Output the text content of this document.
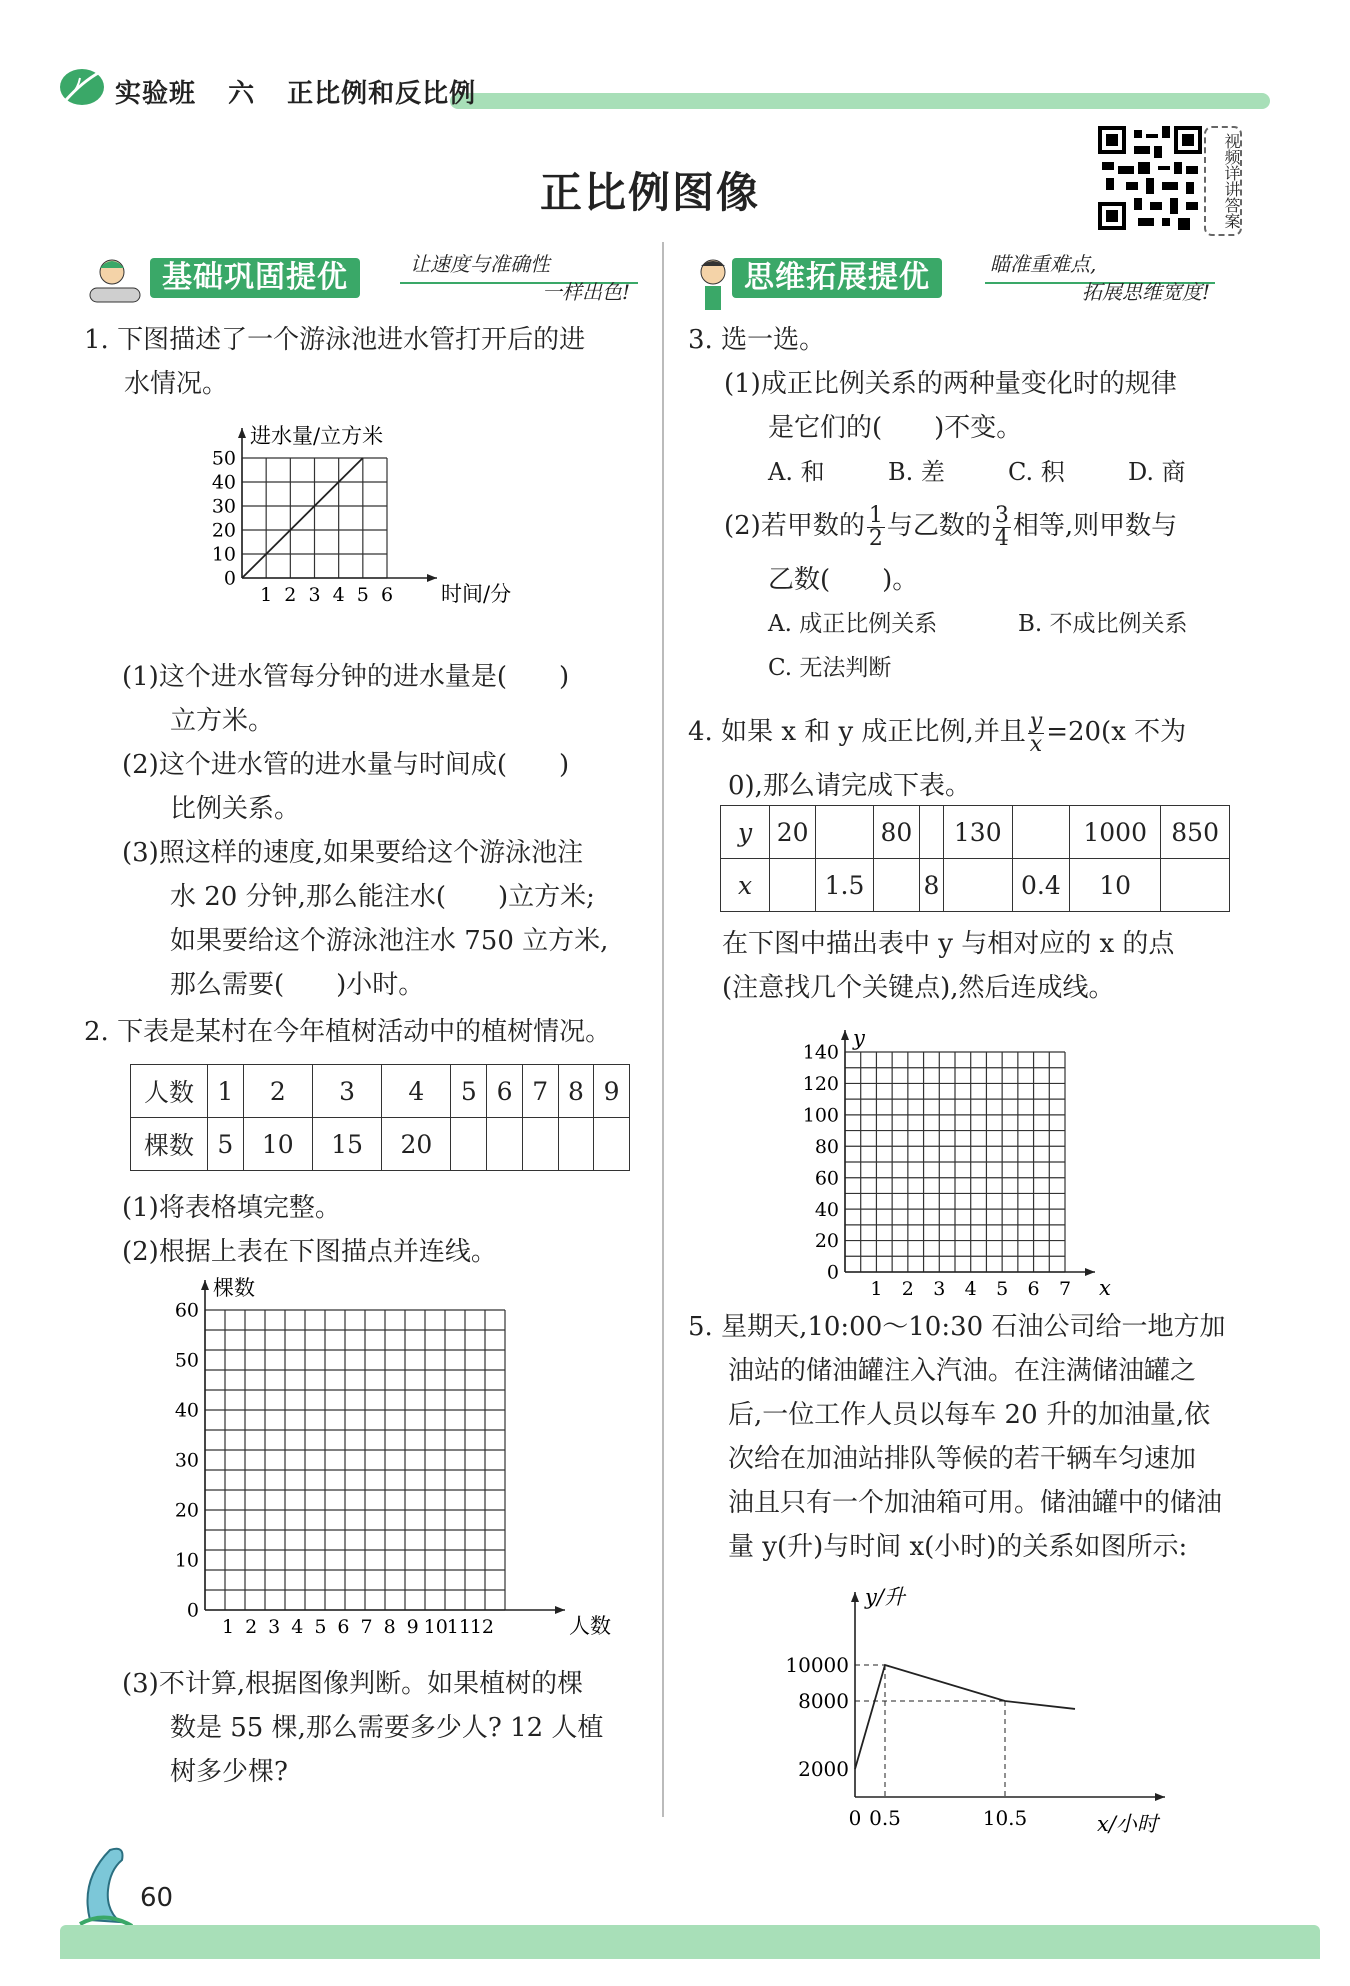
实验班 六 正比例和反比例
正比例图像	视频详讲答案
基础巩固提优	让速度与准确性
一样出色!	思维拓展提优	瞄准重难点,
拓展思维宽度!
1. 下图描述了一个游泳池进水管打开后的进
水情况。
1 2 3 4 5 6
0
10
20
30
40
50
进水量/立方米
时间/分
(1)这个进水管每分钟的进水量是(　　)
立方米。
(2)这个进水管的进水量与时间成(　　)
比例关系。
(3)照这样的速度,如果要给这个游泳池注
水 20 分钟,那么能注水(　　)立方米;
如果要给这个游泳池注水 750 立方米,
那么需要(　　)小时。
2. 下表是某村在今年植树活动中的植树情况。
人数	1	2	3	4	5	6	7	8	9
棵数	5	10	15	20					
(1)将表格填完整。
(2)根据上表在下图描点并连线。
1 2 3 4 5 6 7 8 9 10
11
12
0
10
20
30
40
50
60
棵数
人数
(3)不计算,根据图像判断。如果植树的棵
数是 55 棵,那么需要多少人? 12 人植
树多少棵?
3. 选一选。
(1)成正比例关系的两种量变化时的规律
是它们的(　　)不变。
A. 和	B. 差	C. 积	D. 商
(2)若甲数的 $\frac{1}{2}$ 与乙数的 $\frac{3}{4}$ 相等,则甲数与
乙数(　　)。
A. 成正比例关系	B. 不成比例关系
C. 无法判断
4. 如果 x 和 y 成正比例,并且 $\frac{y}{x} =20(x$ 不为
0),那么请完成下表。
y	20		80		130		1000	850
x		1.5		8		0.4	10	
在下图中描出表中 y 与相对应的 x 的点
(注意找几个关键点),然后连成线。
1 2 3 4 5 6 7
0
20
40
60
80
100
120
140
y
x
5. 星期天,10:00～10:30 石油公司给一地方加
油站的储油罐注入汽油。在注满储油罐之
后,一位工作人员以每车 20 升的加油量,依
次给在加油站排队等候的若干辆车匀速加
油且只有一个加油箱可用。储油罐中的储油
量 y(升)与时间 x(小时)的关系如图所示:
y/升
x/小时
2000
8000
10000
0 0.5	10.5
60
